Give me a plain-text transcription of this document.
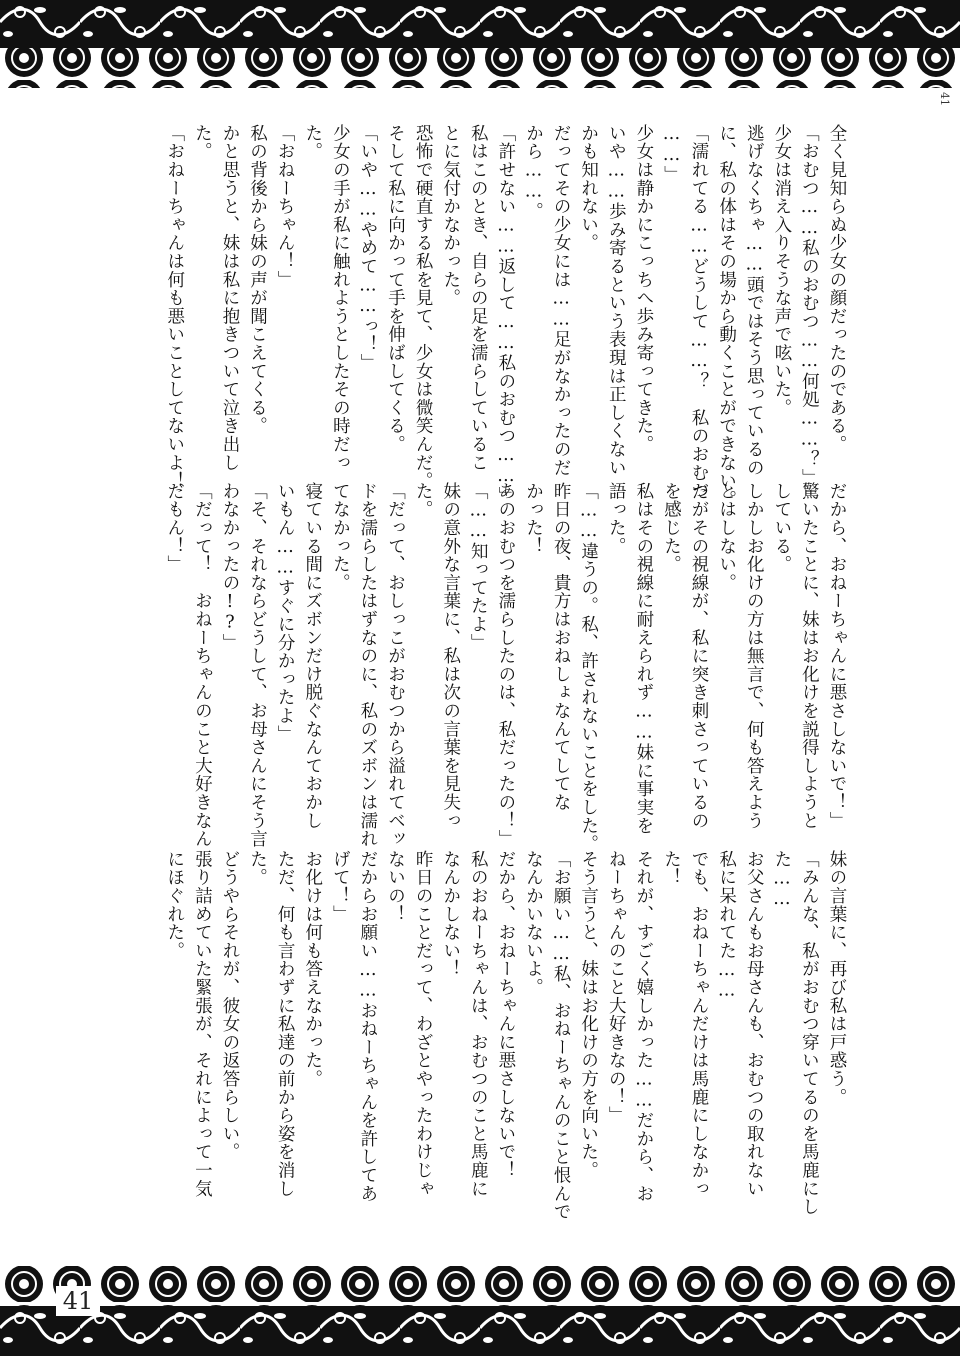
41

全く見知らぬ少女の顔だったのである。

「おむつ……私のおむつ……何処……？」

少女は消え入りそうな声で呟いた。

逃げなくちゃ……頭ではそう思っているの

に、私の体はその場から動くことができない。

「濡れてる……どうして……？　私のおむつ

……」

少女は静かにこっちへ歩み寄ってきた。

いや……歩み寄るという表現は正しくない

かも知れない。

だってその少女には……足がなかったのだ

から……。

「許せない……返して……私のおむつ……」

私はこのとき、自らの足を濡らしているこ

とに気付かなかった。

恐怖で硬直する私を見て、少女は微笑んだ。

そして私に向かって手を伸ばしてくる。

「いや……やめて……っ！」

少女の手が私に触れようとしたその時だっ

た。

「おねーちゃん！」

私の背後から妹の声が聞こえてくる。

かと思うと、妹は私に抱きついて泣き出し

た。

「おねーちゃんは何も悪いことしてないよ！

だから、おねーちゃんに悪さしないで！」

驚いたことに、妹はお化けを説得しようと

している。

しかしお化けの方は無言で、何も答えよう

とはしない。

だがその視線が、私に突き刺さっているの

を感じた。

私はその視線に耐えられず……妹に事実を

語った。

「……違うの。私、許されないことをした。

昨日の夜、貴方はおねしょなんてしてな

かった！

あのおむつを濡らしたのは、私だったの！」

「……知ってたよ」

妹の意外な言葉に、私は次の言葉を見失っ

た。

「だって、おしっこがおむつから溢れてベッ

ドを濡らしたはずなのに、私のズボンは濡れ

てなかった。

寝ている間にズボンだけ脱ぐなんておかし

いもん……すぐに分かったよ」

「そ、それならどうして、お母さんにそう言

わなかったの!?」

「だって！　おねーちゃんのこと大好きなん

だもん！」

妹の言葉に、再び私は戸惑う。

「みんな、私がおむつ穿いてるのを馬鹿にし

た……

お父さんもお母さんも、おむつの取れない

私に呆れてた……

でも、おねーちゃんだけは馬鹿にしなかっ

た！

それが、すごく嬉しかった……だから、お

ねーちゃんのこと大好きなの！」

そう言うと、妹はお化けの方を向いた。

「お願い……私、おねーちゃんのこと恨んで

なんかいないよ。

だから、おねーちゃんに悪さしないで！

私のおねーちゃんは、おむつのこと馬鹿に

なんかしない！

昨日のことだって、わざとやったわけじゃ

ないの！

だからお願い……おねーちゃんを許してあ

げて！」

お化けは何も答えなかった。

ただ、何も言わずに私達の前から姿を消し

た。

どうやらそれが、彼女の返答らしい。

張り詰めていた緊張が、それによって一気

にほぐれた。

41
